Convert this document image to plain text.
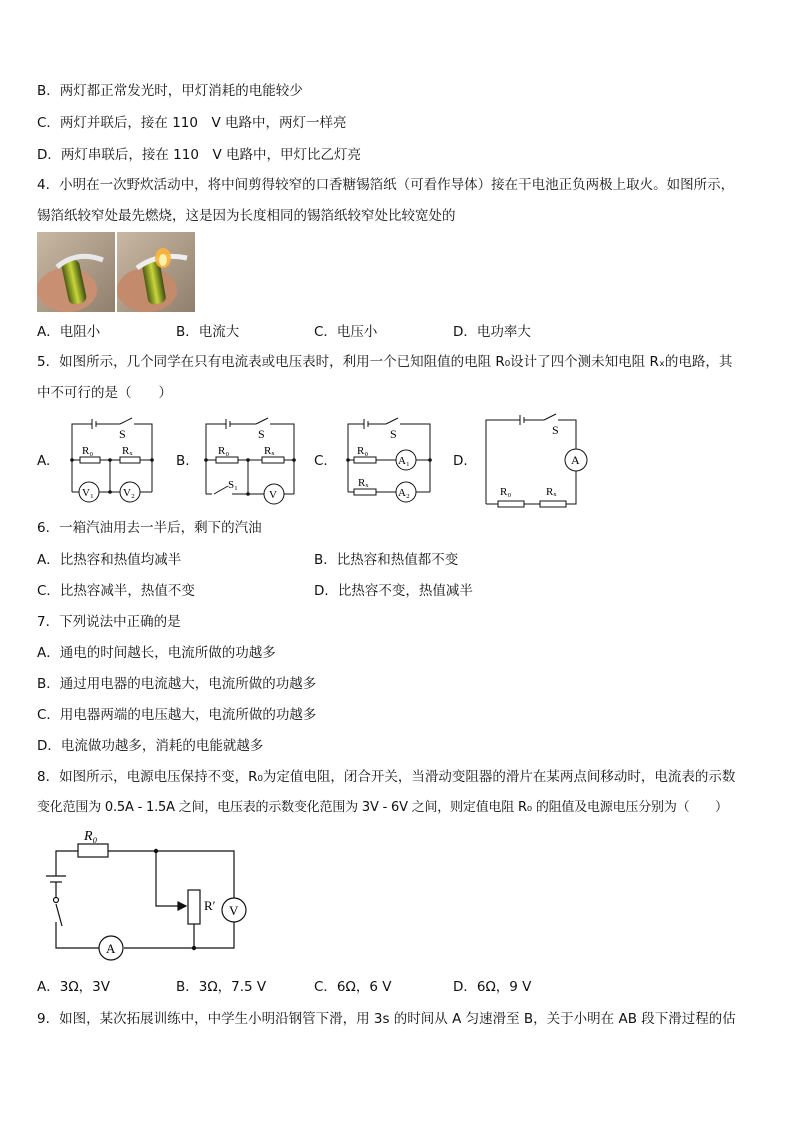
B．两灯都正常发光时，甲灯消耗的电能较少
C．两灯并联后，接在 110　V 电路中，两灯一样亮
D．两灯串联后，接在 110　V 电路中，甲灯比乙灯亮
4．小明在一次野炊活动中，将中间剪得较窄的口香糖锡箔纸（可看作导体）接在干电池正负两极上取火。如图所示，
锡箔纸较窄处最先燃烧，这是因为长度相同的锡箔纸较窄处比较宽处的
A．电阻小	B．电流大	C．电压小	D．电功率大
5．如图所示，几个同学在只有电流表或电压表时，利用一个已知阻值的电阻 R₀设计了四个测未知电阻 Rₓ的电路，其
中不可行的是（　　）
A.	B.	C.	D.
S
R₀	Rₓ
V₁	V₂
S
R₀	Rₓ
S₁
V
S
R₀
A₁
Rₓ
A₂
S
A
R₀	Rₓ
6．一箱汽油用去一半后，剩下的汽油
A．比热容和热值均减半	B．比热容和热值都不变
C．比热容减半，热值不变	D．比热容不变，热值减半
7．下列说法中正确的是
A．通电的时间越长，电流所做的功越多
B．通过用电器的电流越大，电流所做的功越多
C．用电器两端的电压越大，电流所做的功越多
D．电流做功越多，消耗的电能就越多
8．如图所示，电源电压保持不变，R₀为定值电阻，闭合开关，当滑动变阻器的滑片在某两点间移动时，电流表的示数
变化范围为 0.5A - 1.5A 之间，电压表的示数变化范围为 3V - 6V 之间，则定值电阻 R₀ 的阻值及电源电压分别为（　　）
R₀
R′ V
A
A．3Ω，3V	B．3Ω，7.5 V	C．6Ω，6 V	D．6Ω，9 V
9．如图，某次拓展训练中，中学生小明沿钢管下滑，用 3s 的时间从 A 匀速滑至 B，关于小明在 AB 段下滑过程的估
